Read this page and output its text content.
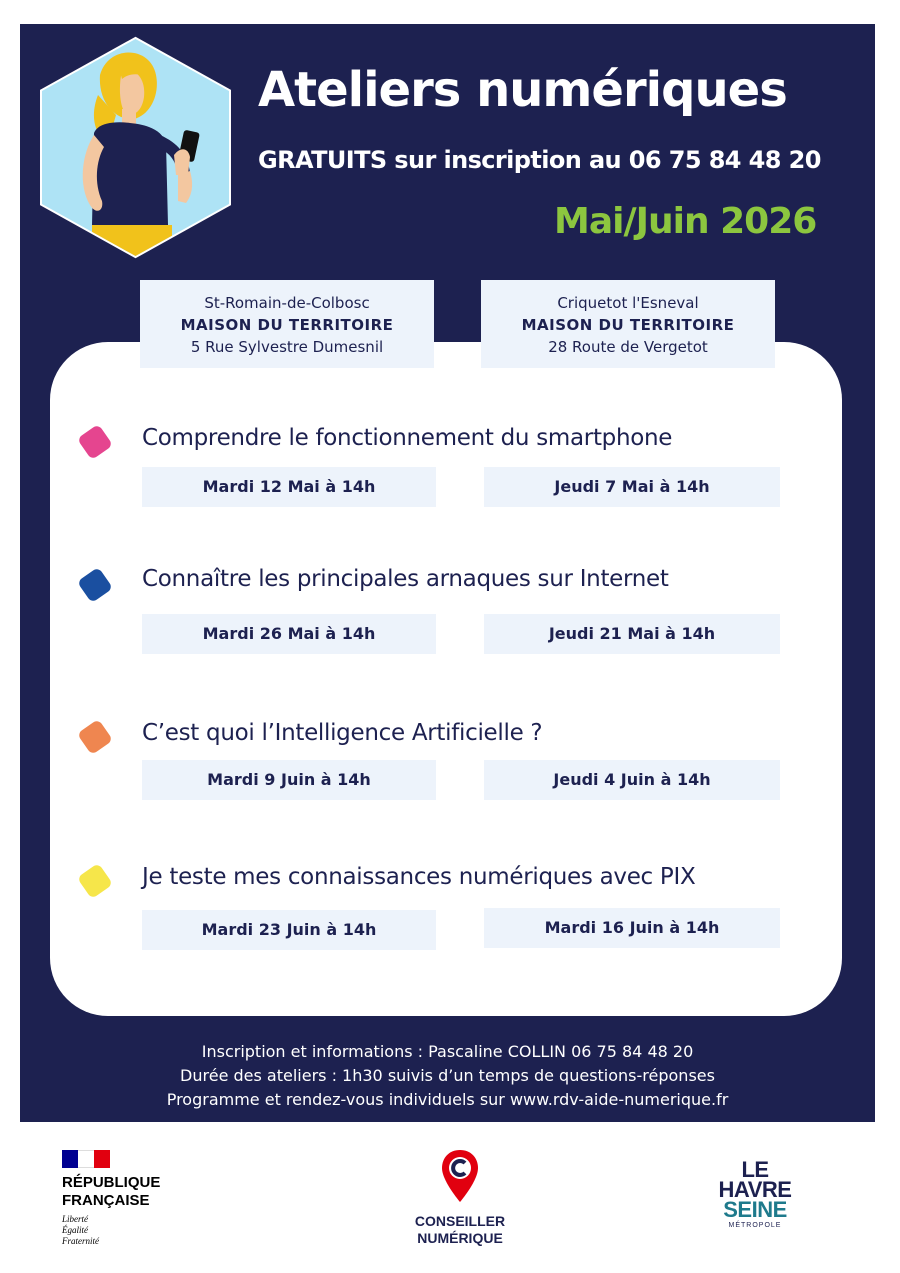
Ateliers numériques
GRATUITS sur inscription au 06 75 84 48 20
Mai/Juin 2026
St-Romain-de-Colbosc
MAISON DU TERRITOIRE
5 Rue Sylvestre Dumesnil
Criquetot l'Esneval
MAISON DU TERRITOIRE
28 Route de Vergetot
Comprendre le fonctionnement du smartphone
Mardi 12 Mai à 14h	Jeudi 7 Mai à 14h
Connaître les principales arnaques sur Internet
Mardi 26 Mai à 14h	Jeudi 21 Mai à 14h
C’est quoi l’Intelligence Artificielle ?
Mardi 9 Juin à 14h	Jeudi 4 Juin à 14h
Je teste mes connaissances numériques avec PIX
Mardi 23 Juin à 14h	Mardi 16 Juin à 14h
Inscription et informations : Pascaline COLLIN 06 75 84 48 20
Durée des ateliers : 1h30 suivis d’un temps de questions-réponses
Programme et rendez-vous individuels sur www.rdv-aide-numerique.fr
RÉPUBLIQUE
FRANÇAISE
Liberté
Égalité
Fraternité
CONSEILLER
NUMÉRIQUE
LE
HAVRE
SEINE
MÉTROPOLE
